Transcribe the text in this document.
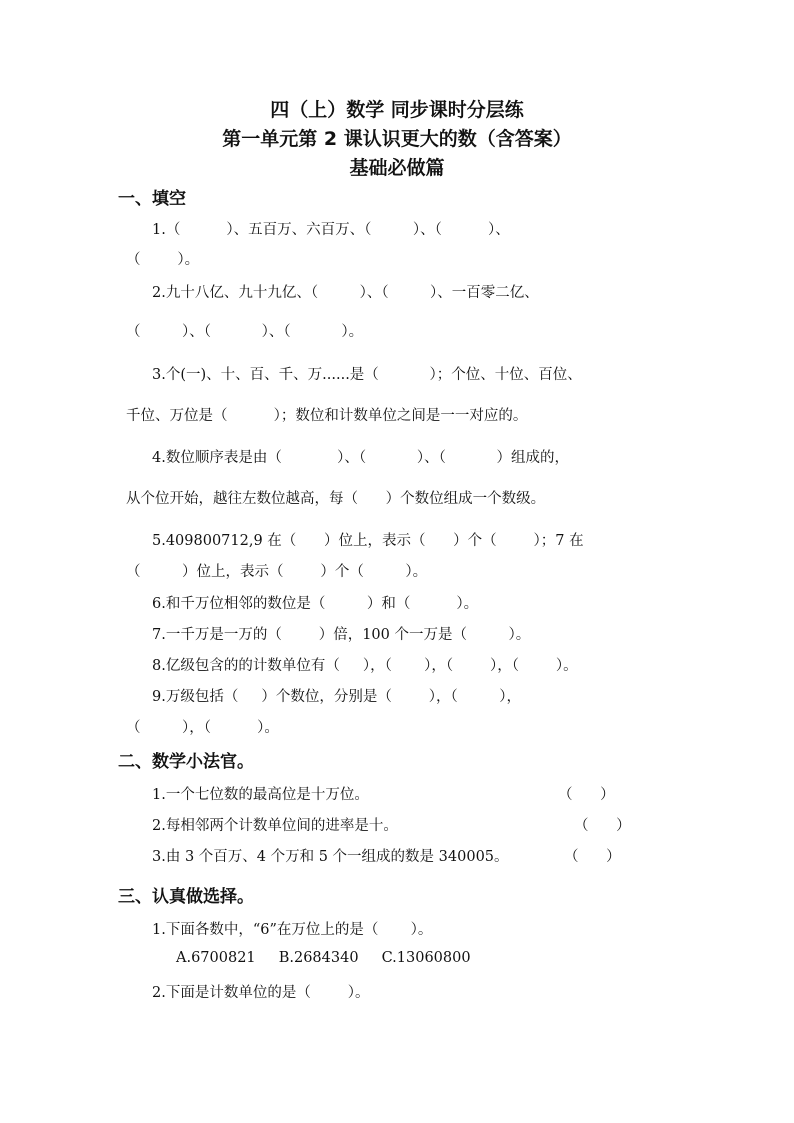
四（上）数学 同步课时分层练
第一单元第 2 课认识更大的数（含答案）
基础必做篇
一、填空
1.（          ）、五百万、六百万、（         ）、（          ）、
（        ）。
2.九十八亿、九十九亿、（         ）、（         ）、一百零二亿、
（         ）、（           ）、（           ）。
3.个(一)、十、百、千、万......是（           ）；个位、十位、百位、
千位、万位是（          ）；数位和计数单位之间是一一对应的。
4.数位顺序表是由（            ）、（           ）、（           ）组成的，
从个位开始，越往左数位越高，每（      ）个数位组成一个数级。
5.409800712,9 在（      ）位上，表示（      ）个（        ）；7 在
（         ）位上，表示（        ）个（         ）。
6.和千万位相邻的数位是（         ）和（          ）。
7.一千万是一万的（        ）倍，100 个一万是（         ）。
8.亿级包含的的计数单位有（     ），（       ），（        ），（        ）。
9.万级包括（     ）个数位，分别是（        ），（         ），
（         ），（          ）。
二、数学小法官。
1.一个七位数的最高位是十万位。	（      ）
2.每相邻两个计数单位间的进率是十。	（      ）
3.由 3 个百万、4 个万和 5 个一组成的数是 340005。	（      ）
三、认真做选择。
1.下面各数中，“6”在万位上的是（       ）。
A.6700821     B.2684340     C.13060800
2.下面是计数单位的是（        ）。
